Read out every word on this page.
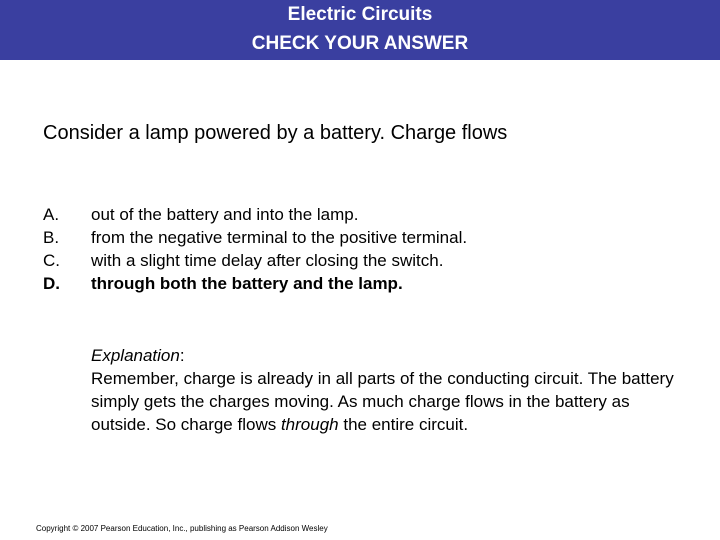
Electric Circuits
CHECK YOUR ANSWER
Consider a lamp powered by a battery. Charge flows
A.	out of the battery and into the lamp.
B.	from the negative terminal to the positive terminal.
C.	with a slight time delay after closing the switch.
D.	through both the battery and the lamp.
Explanation:
Remember, charge is already in all parts of the conducting circuit. The battery simply gets the charges moving. As much charge flows in the battery as outside. So charge flows through the entire circuit.
Copyright © 2007 Pearson Education, Inc., publishing as Pearson Addison Wesley
